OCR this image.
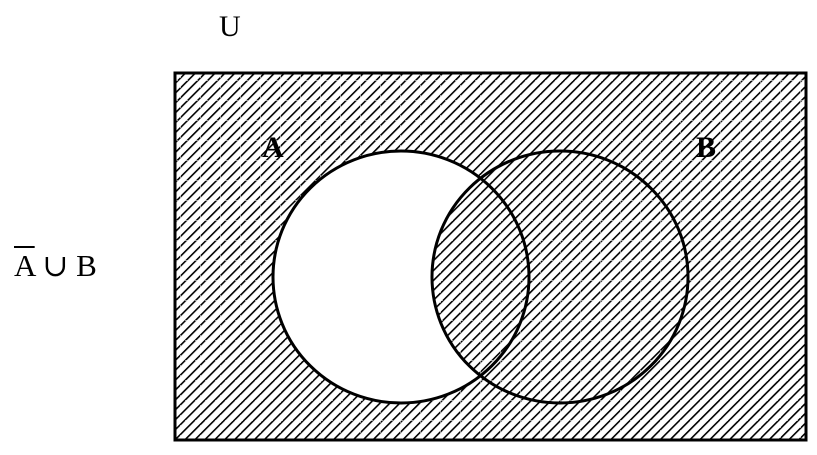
U
$\overline{A}$ ∪ B
A	B
